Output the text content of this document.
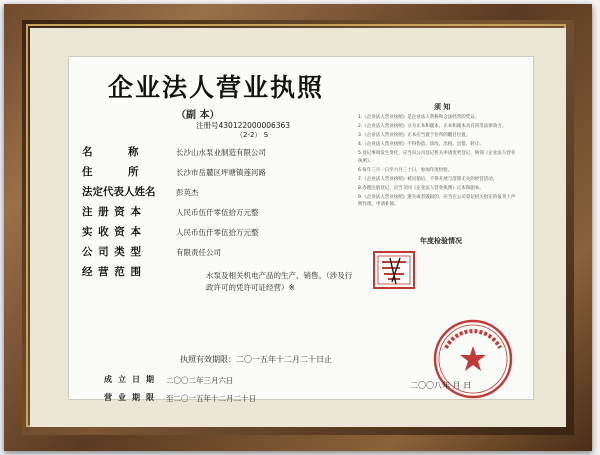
企业法人营业执照
（副 本）
注册号430122000006363
（2-2） S
名　　　称	长沙山水泵业制造有限公司
住　　　所	长沙市岳麓区坪塘镇莲河路
法定代表人姓名	彭英杰
注 册 资 本	人民币伍仟零伍拾万元整
实 收 资 本	人民币伍仟零伍拾万元整
公 司 类 型	有限责任公司
经 营 范 围	水泵及相关机电产品的生产、销售。（涉及行政许可的凭许可证经营）※
执照有效期限：二〇一五年十二月二十日止
成立日期 二〇〇二年三月六日
营业期限 至二〇一五年十二月二十日
须 知

1.《企业法人营业执照》是企业法人资格和合法经营的凭证。

2.《企业法人营业执照》分为正本和副本，正本和副本具有同等法律效力。

3.《企业法人营业执照》正本应当置于住所的醒目位置。

4.《企业法人营业执照》不得伪造、涂改、出租、出借、转让。

5.登记事项发生变化，应当向公司登记机关申请变更登记，换领《企业法人营业执照》。

6.每年三月一日至六月三十日，参加年度检验。

7.《企业法人营业执照》被吊销后，不得开展与清算无关的经营活动。

8.办理注销登记，应当交回《企业法人营业执照》正本和副本。

9.《企业法人营业执照》遗失或者毁损的，应当在公司登记机关指定的报刊上声明作废，申请补领。

年度检验情况
二〇〇八年 月 日
